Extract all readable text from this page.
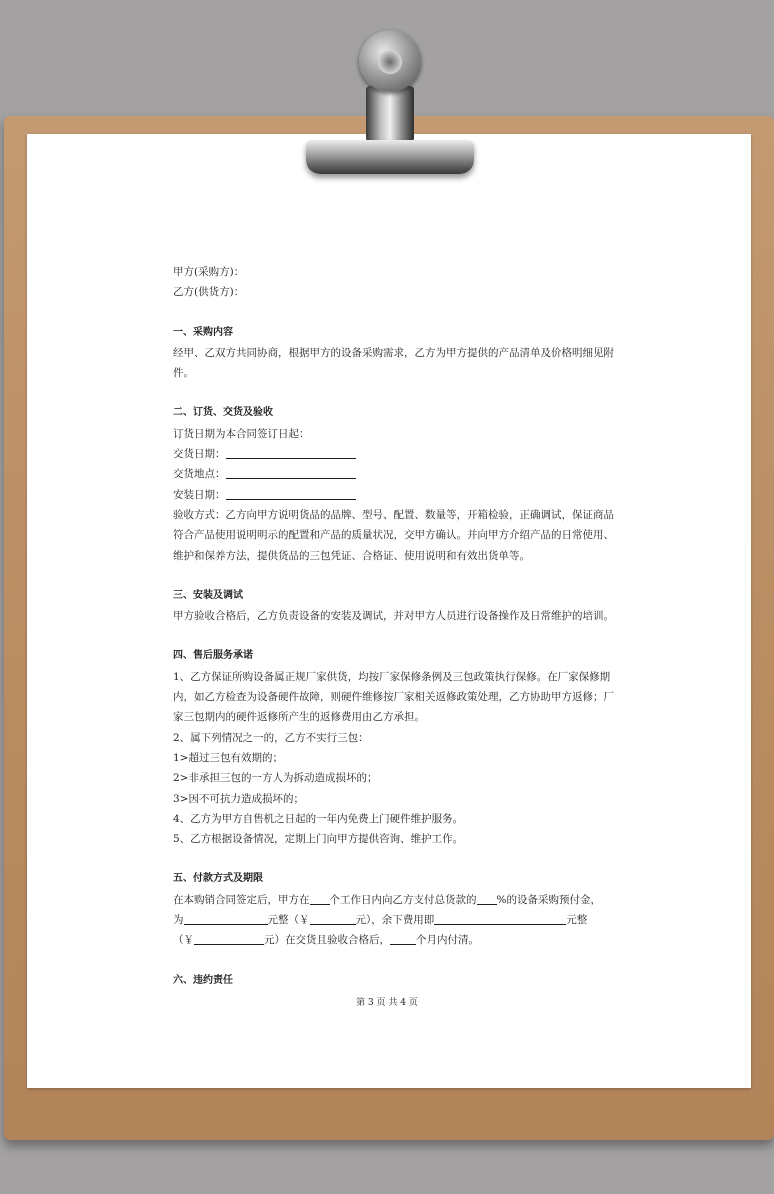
甲方(采购方)：
乙方(供货方)：
一、采购内容
经甲、乙双方共同协商，根据甲方的设备采购需求，乙方为甲方提供的产品清单及价格明细见附
件。
二、订货、交货及验收
订货日期为本合同签订日起：
交货日期：
交货地点：
安装日期：
验收方式：乙方向甲方说明货品的品牌、型号、配置、数量等，开箱检验，正确调试，保证商品
符合产品使用说明明示的配置和产品的质量状况，交甲方确认。并向甲方介绍产品的日常使用、
维护和保养方法，提供货品的三包凭证、合格证、使用说明和有效出货单等。
三、安装及调试
甲方验收合格后，乙方负责设备的安装及调试，并对甲方人员进行设备操作及日常维护的培训。
四、售后服务承诺
1、乙方保证所购设备属正规厂家供货，均按厂家保修条例及三包政策执行保修。在厂家保修期
内，如乙方检查为设备硬件故障，则硬件维修按厂家相关返修政策处理，乙方协助甲方返修；厂
家三包期内的硬件返修所产生的返修费用由乙方承担。
2、属下列情况之一的，乙方不实行三包：
1>超过三包有效期的；
2>非承担三包的一方人为拆动造成损坏的；
3>因不可抗力造成损坏的；
4、乙方为甲方自售机之日起的一年内免费上门硬件维护服务。
5、乙方根据设备情况，定期上门向甲方提供咨询、维护工作。
五、付款方式及期限
在本购销合同签定后，甲方在 个工作日内向乙方支付总货款的 %的设备采购预付金，
为	元整（￥	元），余下费用即	元整
（￥	元）在交货且验收合格后， 个月内付清。
六、违约责任
第 3 页 共 4 页
